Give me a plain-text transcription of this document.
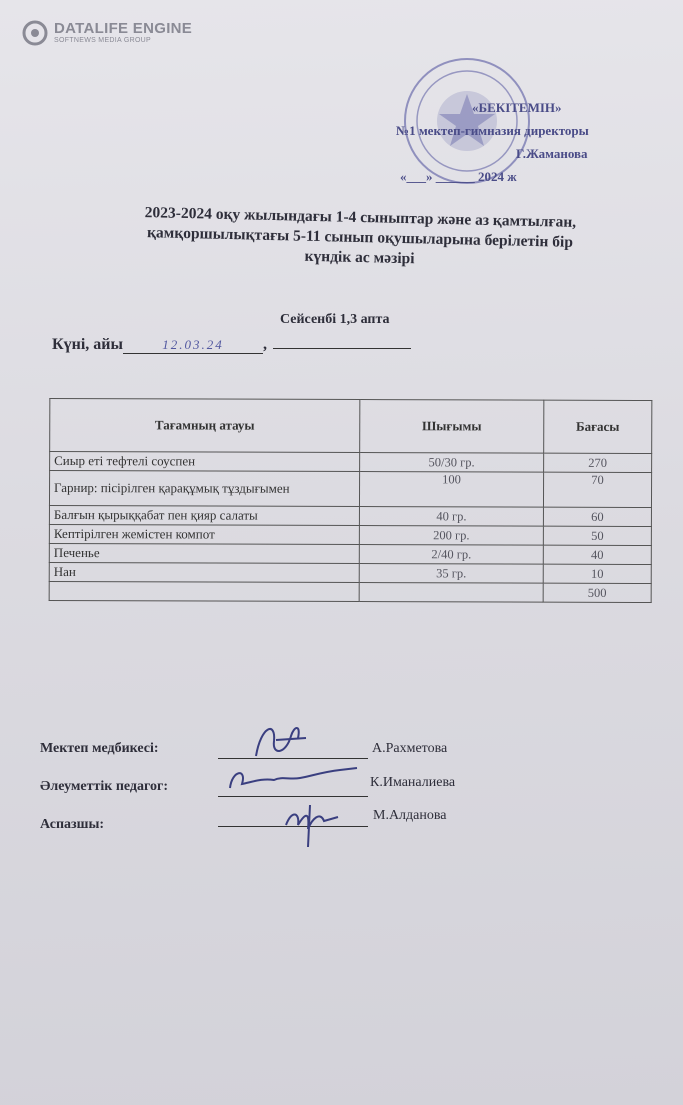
DATALIFE ENGINE
SOFTNEWS MEDIA GROUP
«БЕКІТЕМІН»
№1 мектеп-гимназия директоры
Г.Жаманова
«___» ______ 2024 ж
2023-2024 оқу жылындағы 1-4 сыныптар және аз қамтылған,
қамқоршылықтағы 5-11 сынып оқушыларына берілетін бір
күндік ас мәзірі
Сейсенбі 1,3 апта
Күні, айы	12.03.24 ,
Тағамның атауы	Шығымы	Бағасы
Сиыр еті тефтелі соуспен	50/30 гр.	270
Гарнир: пісірілген қарақұмық тұздығымен	100	70
Балғын қырыққабат пен қияр салаты	40 гр.	60
Кептірілген жемістен компот	200 гр.	50
Печенье	2/40 гр.	40
Нан	35 гр.	10
		500
Мектеп медбикесі:	А.Рахметова
Әлеуметтік педагог:	К.Иманалиева
Аспазшы:
М.Алданова
